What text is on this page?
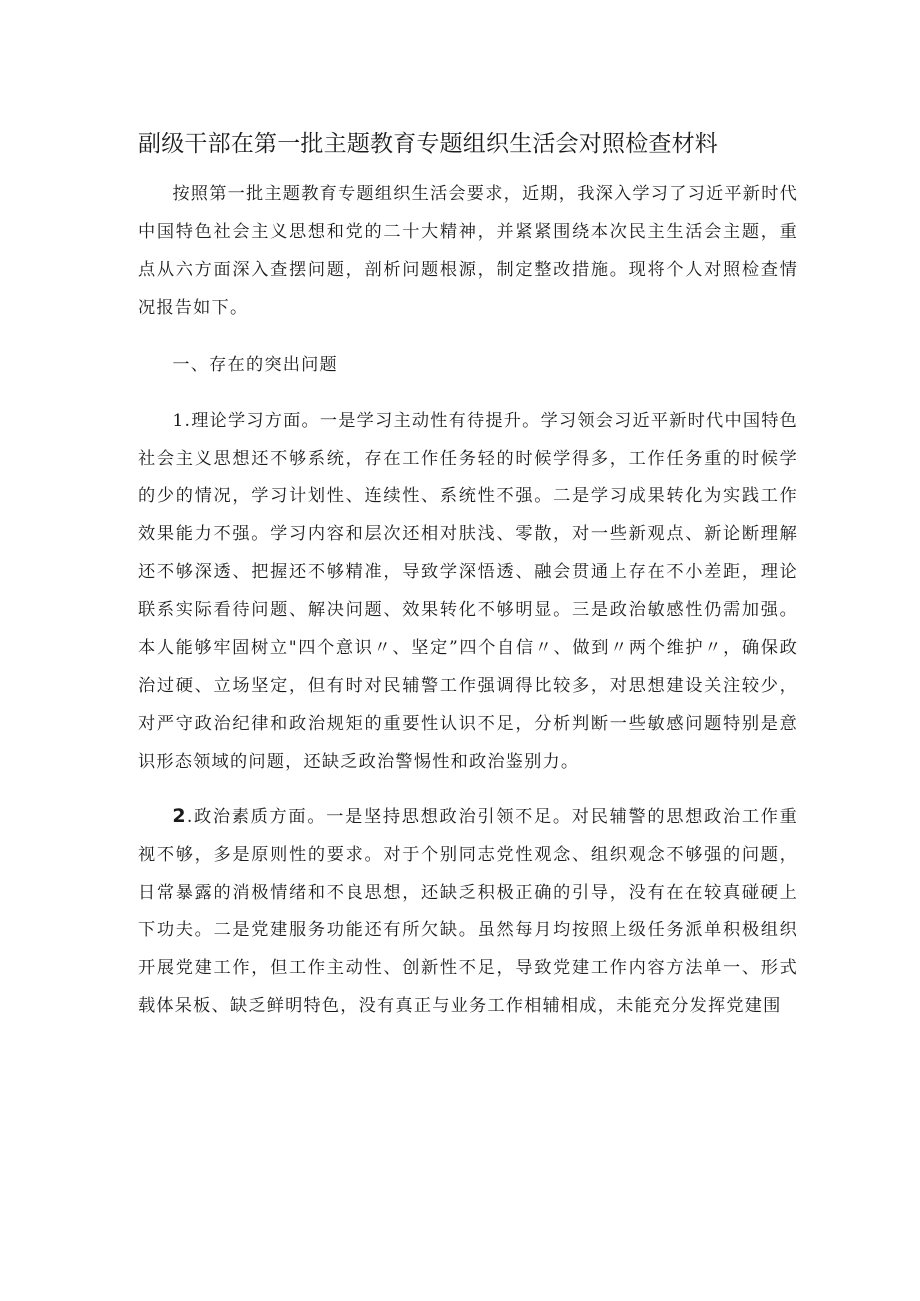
副级干部在第一批主题教育专题组织生活会对照检查材料

按照第一批主题教育专题组织生活会要求，近期，我深入学习了习近平新时代中国特色社会主义思想和党的二十大精神，并紧紧围绕本次民主生活会主题，重点从六方面深入查摆问题，剖析问题根源，制定整改措施。现将个人对照检查情况报告如下。

一、存在的突出问题

1.理论学习方面。一是学习主动性有待提升。学习领会习近平新时代中国特色社会主义思想还不够系统，存在工作任务轻的时候学得多，工作任务重的时候学的少的情况，学习计划性、连续性、系统性不强。二是学习成果转化为实践工作效果能力不强。学习内容和层次还相对肤浅、零散，对一些新观点、新论断理解还不够深透、把握还不够精准，导致学深悟透、融会贯通上存在不小差距，理论联系实际看待问题、解决问题、效果转化不够明显。三是政治敏感性仍需加强。本人能够牢固树立"四个意识〃、坚定”四个自信〃、做到〃两个维护〃，确保政治过硬、立场坚定，但有时对民辅警工作强调得比较多，对思想建设关注较少，对严守政治纪律和政治规矩的重要性认识不足，分析判断一些敏感问题特别是意识形态领域的问题，还缺乏政治警惕性和政治鉴别力。

2.政治素质方面。一是坚持思想政治引领不足。对民辅警的思想政治工作重视不够，多是原则性的要求。对于个别同志党性观念、组织观念不够强的问题，日常暴露的消极情绪和不良思想，还缺乏积极正确的引导，没有在在较真碰硬上下功夫。二是党建服务功能还有所欠缺。虽然每月均按照上级任务派单积极组织开展党建工作，但工作主动性、创新性不足，导致党建工作内容方法单一、形式载体呆板、缺乏鲜明特色，没有真正与业务工作相辅相成，未能充分发挥党建围
